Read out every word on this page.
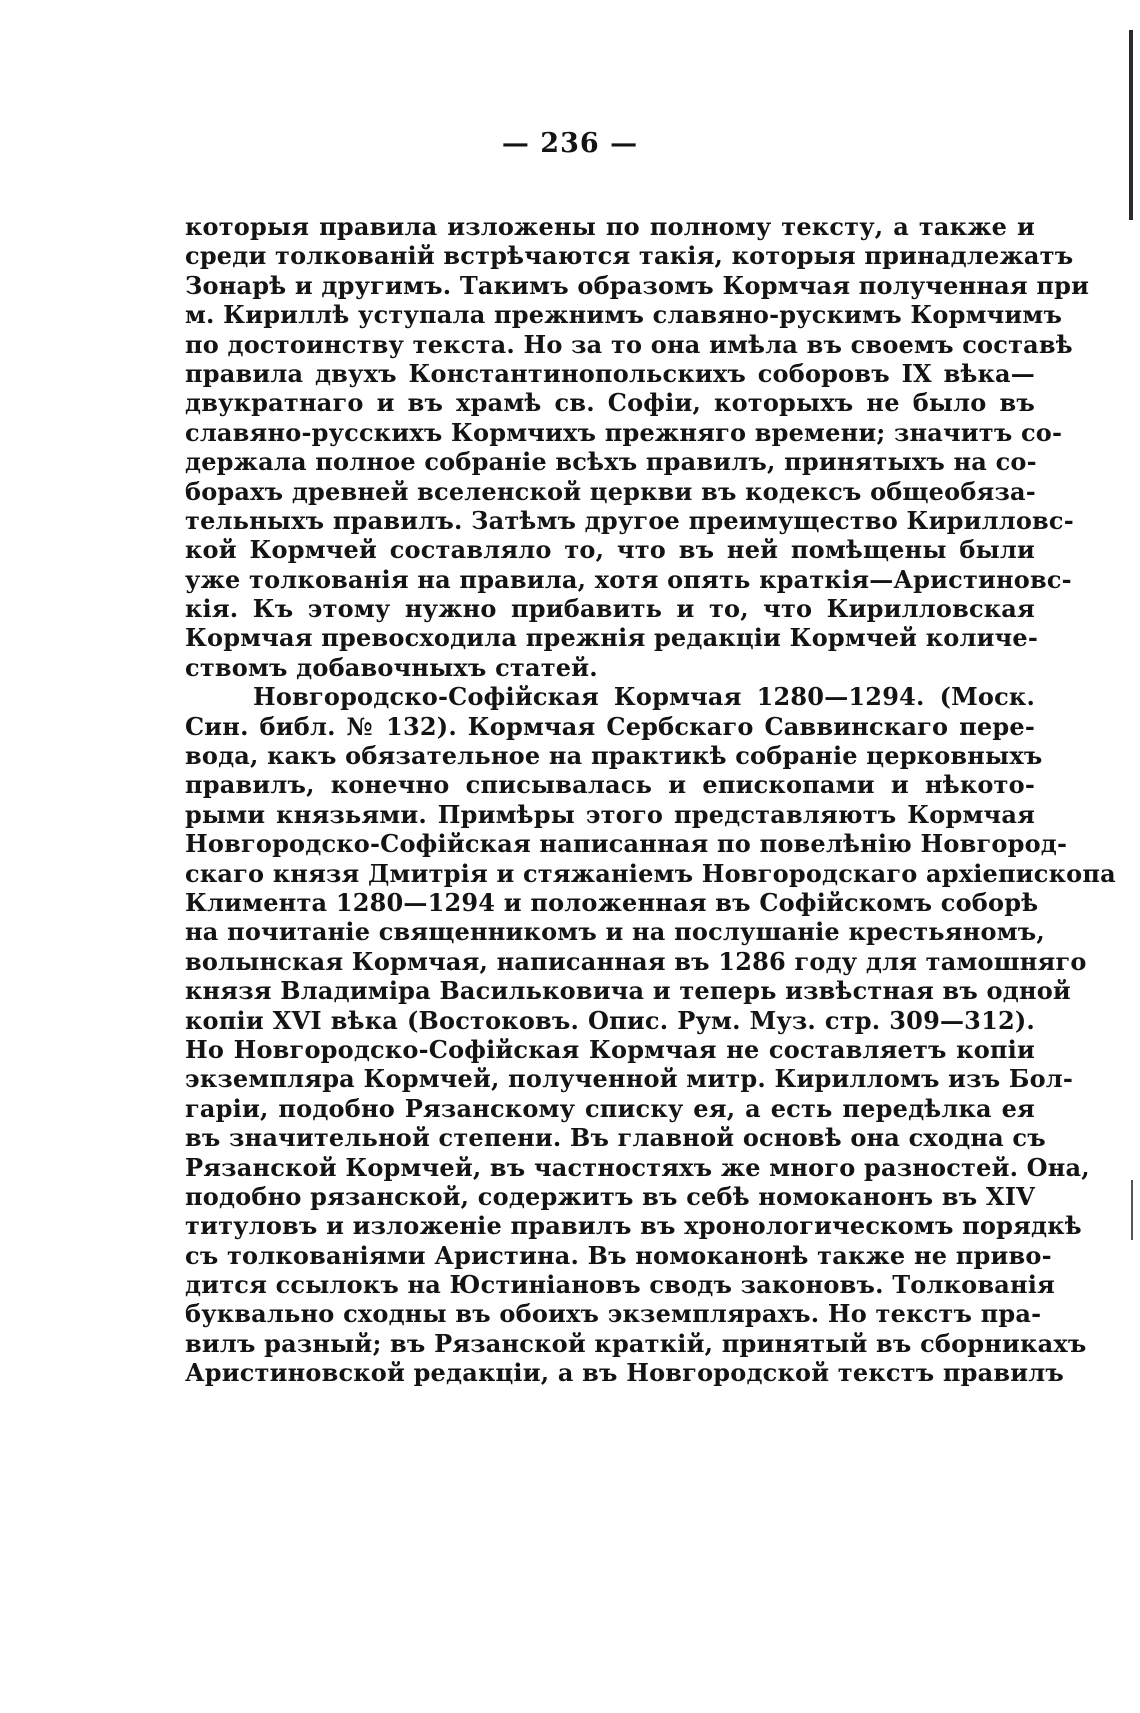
— 236 —
которыя правила изложены по полному тексту, а также и
среди толкованій встрѣчаются такія, которыя принадлежатъ
Зонарѣ и другимъ. Такимъ образомъ Кормчая полученная при
м. Кириллѣ уступала прежнимъ славяно-рускимъ Кормчимъ
по достоинству текста. Но за то она имѣла въ своемъ составѣ
правила двухъ Константинопольскихъ соборовъ IX вѣка—
двукратнаго и въ храмѣ св. Софіи, которыхъ не было въ
славяно-русскихъ Кормчихъ прежняго времени; значитъ со-
держала полное собраніе всѣхъ правилъ, принятыхъ на со-
борахъ древней вселенской церкви въ кодексъ общеобяза-
тельныхъ правилъ. Затѣмъ другое преимущество Кирилловс-
кой Кормчей составляло то, что въ ней помѣщены были
уже толкованія на правила, хотя опять краткія—Аристиновс-
кія. Къ этому нужно прибавить и то, что Кирилловская
Кормчая превосходила прежнія редакціи Кормчей количе-
ствомъ добавочныхъ статей.
Новгородско-Софійская Кормчая 1280—1294. (Моск.
Син. библ. № 132). Кормчая Сербскаго Саввинскаго пере-
вода, какъ обязательное на практикѣ собраніе церковныхъ
правилъ, конечно списывалась и епископами и нѣкото-
рыми князьями. Примѣры этого представляютъ Кормчая
Новгородско-Софійская написанная по повелѣнію Новгород-
скаго князя Дмитрія и стяжаніемъ Новгородскаго архіепископа
Климента 1280—1294 и положенная въ Софійскомъ соборѣ
на почитаніе священникомъ и на послушаніе крестьяномъ,
волынская Кормчая, написанная въ 1286 году для тамошняго
князя Владиміра Васильковича и теперь извѣстная въ одной
копіи XVI вѣка (Востоковъ. Опис. Рум. Муз. стр. 309—312).
Но Новгородско-Софійская Кормчая не составляетъ копіи
экземпляра Кормчей, полученной митр. Кирилломъ изъ Бол-
гаріи, подобно Рязанскому списку ея, а есть передѣлка ея
въ значительной степени. Въ главной основѣ она сходна съ
Рязанской Кормчей, въ частностяхъ же много разностей. Она,
подобно рязанской, содержитъ въ себѣ номоканонъ въ XIV
титуловъ и изложеніе правилъ въ хронологическомъ порядкѣ
съ толкованіями Аристина. Въ номоканонѣ также не приво-
дится ссылокъ на Юстиніановъ сводъ законовъ. Толкованія
буквально сходны въ обоихъ экземплярахъ. Но текстъ пра-
вилъ разный; въ Рязанской краткій, принятый въ сборникахъ
Аристиновской редакціи, а въ Новгородской текстъ правилъ
